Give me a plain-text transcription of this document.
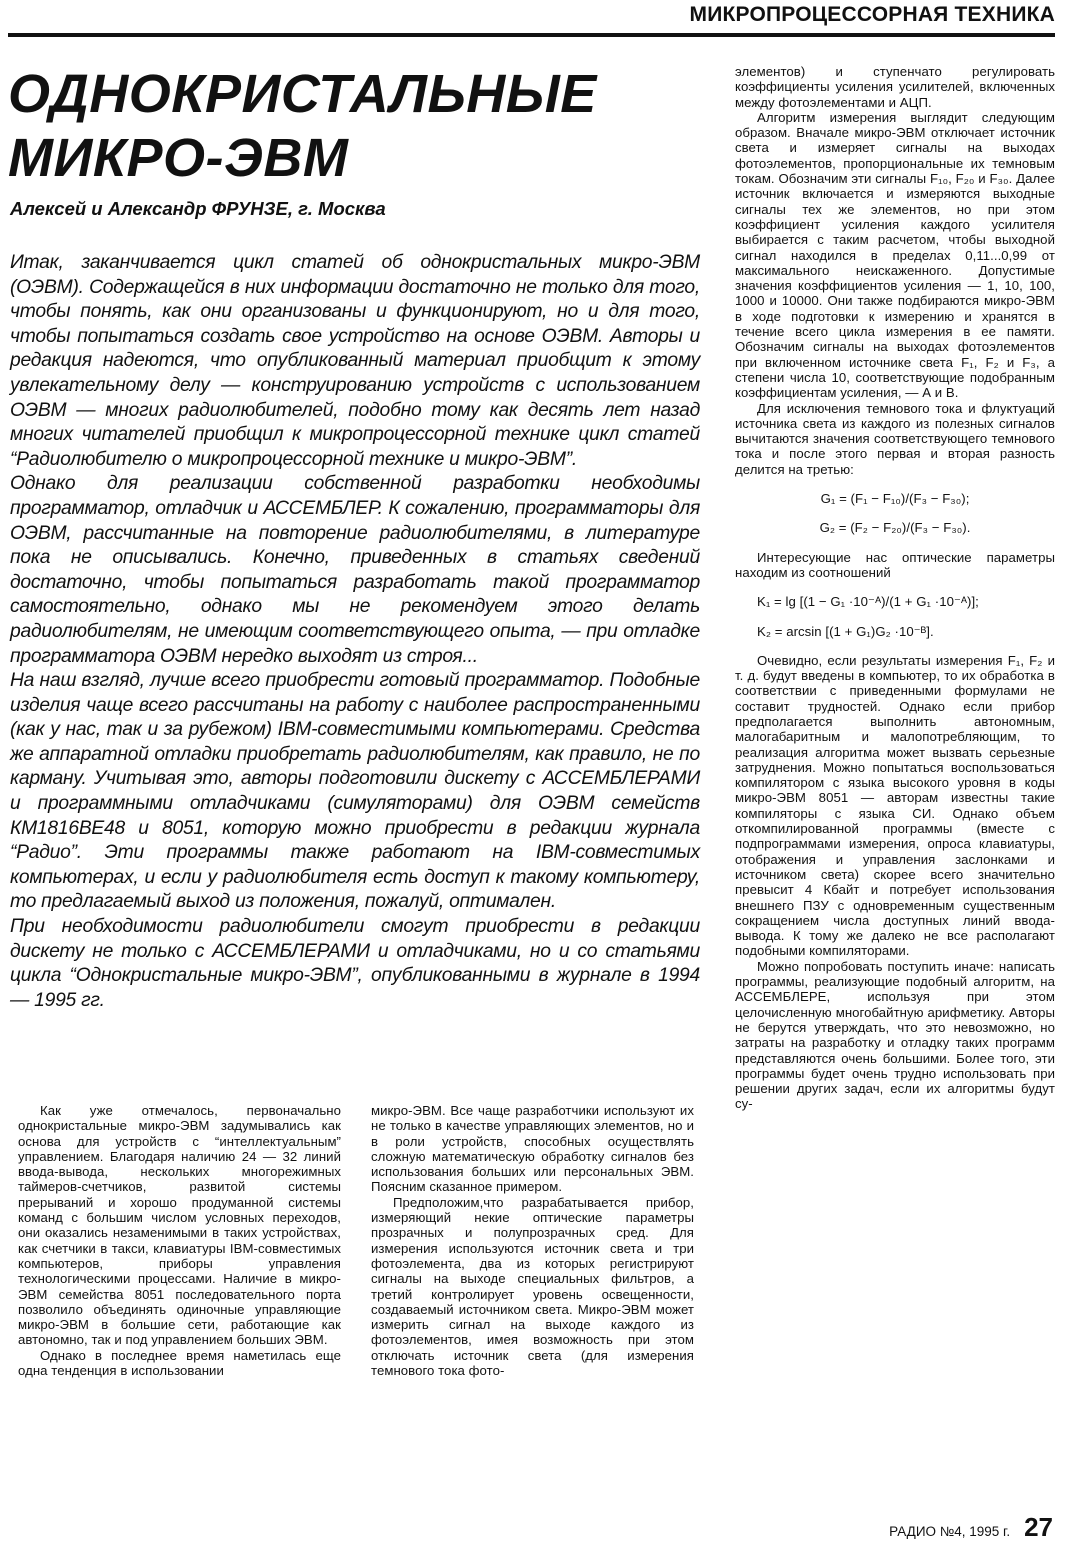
МИКРОПРОЦЕССОРНАЯ ТЕХНИКА
ОДНОКРИСТАЛЬНЫЕ
МИКРО-ЭВМ

Алексей и Александр ФРУНЗЕ, г. Москва

Итак, заканчивается цикл статей об однокристальных микро-ЭВМ (ОЭВМ). Содержащейся в них информации достаточно не только для того, чтобы понять, как они организованы и функционируют, но и для того, чтобы попытаться создать свое устройство на основе ОЭВМ. Авторы и редакция надеются, что опубликованный материал приобщит к этому увлекательному делу — конструированию устройств с использованием ОЭВМ — многих радиолюбителей, подобно тому как десять лет назад многих читателей приобщил к микропроцессорной технике цикл статей “Радиолюбителю о микропроцессорной технике и микро-ЭВМ”.

Однако для реализации собственной разработки необходимы программатор, отладчик и АССЕМБЛЕР. К сожалению, программаторы для ОЭВМ, рассчитанные на повторение радиолюбителями, в литературе пока не описывались. Конечно, приведенных в статьях сведений достаточно, чтобы попытаться разработать такой программатор самостоятельно, однако мы не рекомендуем этого делать радиолюбителям, не имеющим соответствующего опыта, — при отладке программатора ОЭВМ нередко выходят из строя...

На наш взгляд, лучше всего приобрести готовый программатор. Подобные изделия чаще всего рассчитаны на работу с наиболее распространенными (как у нас, так и за рубежом) IBM-совместимыми компьютерами. Средства же аппаратной отладки приобретать радиолюбителям, как правило, не по карману. Учитывая это, авторы подготовили дискету с АССЕМБЛЕРАМИ и программными отладчиками (симуляторами) для ОЭВМ семейств КМ1816ВЕ48 и 8051, которую можно приобрести в редакции журнала “Радио”. Эти программы также работают на IBM-совместимых компьютерах, и если у радиолюбителя есть доступ к такому компьютеру, то предлагаемый выход из положения, пожалуй, оптимален.

При необходимости радиолюбители смогут приобрести в редакции дискету не только с АССЕМБЛЕРАМИ и отладчиками, но и со статьями цикла “Однокристальные микро-ЭВМ”, опубликованными в журнале в 1994 — 1995 гг.

элементов) и ступенчато регулировать коэффициенты усиления усилителей, включенных между фотоэлементами и АЦП.

Алгоритм измерения выглядит следующим образом. Вначале микро-ЭВМ отключает источник света и измеряет сигналы на выходах фотоэлементов, пропорциональные их темновым токам. Обозначим эти сигналы F₁₀, F₂₀ и F₃₀. Далее источник включается и измеряются выходные сигналы тех же элементов, но при этом коэффициент усиления каждого усилителя выбирается с таким расчетом, чтобы выходной сигнал находился в пределах 0,11...0,99 от максимального неискаженного. Допустимые значения коэффициентов усиления — 1, 10, 100, 1000 и 10000. Они также подбираются микро-ЭВМ в ходе подготовки к измерению и хранятся в течение всего цикла измерения в ее памяти. Обозначим сигналы на выходах фотоэлементов при включенном источнике света F₁, F₂ и F₃, а степени числа 10, соответствующие подобранным коэффициентам усиления, — А и В.

Для исключения темнового тока и флуктуаций источника света из каждого из полезных сигналов вычитаются значения соответствующего темнового тока и после этого первая и вторая разность делится на третью:

G₁ = (F₁ − F₁₀)/(F₃ − F₃₀);

G₂ = (F₂ − F₂₀)/(F₃ − F₃₀).

Интересующие нас оптические параметры находим из соотношений

K₁ = lg [(1 − G₁ ·10⁻ᴬ)/(1 + G₁ ·10⁻ᴬ)];

K₂ = arcsin [(1 + G₁)G₂ ·10⁻ᴮ].

Очевидно, если результаты измерения F₁, F₂ и т. д. будут введены в компьютер, то их обработка в соответствии с приведенными формулами не составит трудностей. Однако если прибор предполагается выполнить автономным, малогабаритным и малопотребляющим, то реализация алгоритма может вызвать серьезные затруднения. Можно попытаться воспользоваться компилятором с языка высокого уровня в коды микро-ЭВМ 8051 — авторам известны такие компиляторы с языка СИ. Однако объем откомпилированной программы (вместе с подпрограммами измерения, опроса клавиатуры, отображения и управления заслонками и источником света) скорее всего значительно превысит 4 Кбайт и потребует использования внешнего ПЗУ с одновременным существенным сокращением числа доступных линий ввода-вывода. К тому же далеко не все располагают подобными компиляторами.

Можно попробовать поступить иначе: написать программы, реализующие подобный алгоритм, на АССЕМБЛЕРЕ, используя при этом целочисленную многобайтную арифметику. Авторы не берутся утверждать, что это невозможно, но затраты на разработку и отладку таких программ представляются очень большими. Более того, эти программы будет очень трудно использовать при решении других задач, если их алгоритмы будут су-

Как уже отмечалось, первоначально однокристальные микро-ЭВМ задумывались как основа для устройств с “интеллектуальным” управлением. Благодаря наличию 24 — 32 линий ввода-вывода, нескольких многорежимных таймеров-счетчиков, развитой системы прерываний и хорошо продуманной системы команд с большим числом условных переходов, они оказались незаменимыми в таких устройствах, как счетчики в такси, клавиатуры IBM-совместимых компьютеров, приборы управления технологическими процессами. Наличие в микро-ЭВМ семейства 8051 последовательного порта позволило объединять одиночные управляющие микро-ЭВМ в большие сети, работающие как автономно, так и под управлением больших ЭВМ.

Однако в последнее время наметилась еще одна тенденция в использовании

микро-ЭВМ. Все чаще разработчики используют их не только в качестве управляющих элементов, но и в роли устройств, способных осуществлять сложную математическую обработку сигналов без использования больших или персональных ЭВМ. Поясним сказанное примером.

Предположим,что разрабатывается прибор, измеряющий некие оптические параметры прозрачных и полупрозрачных сред. Для измерения используются источник света и три фотоэлемента, два из которых регистрируют сигналы на выходе специальных фильтров, а третий контролирует уровень освещенности, создаваемый источником света. Микро-ЭВМ может измерить сигнал на выходе каждого из фотоэлементов, имея возможность при этом отключать источник света (для измерения темнового тока фото-

РАДИО №4, 1995 г. 27
